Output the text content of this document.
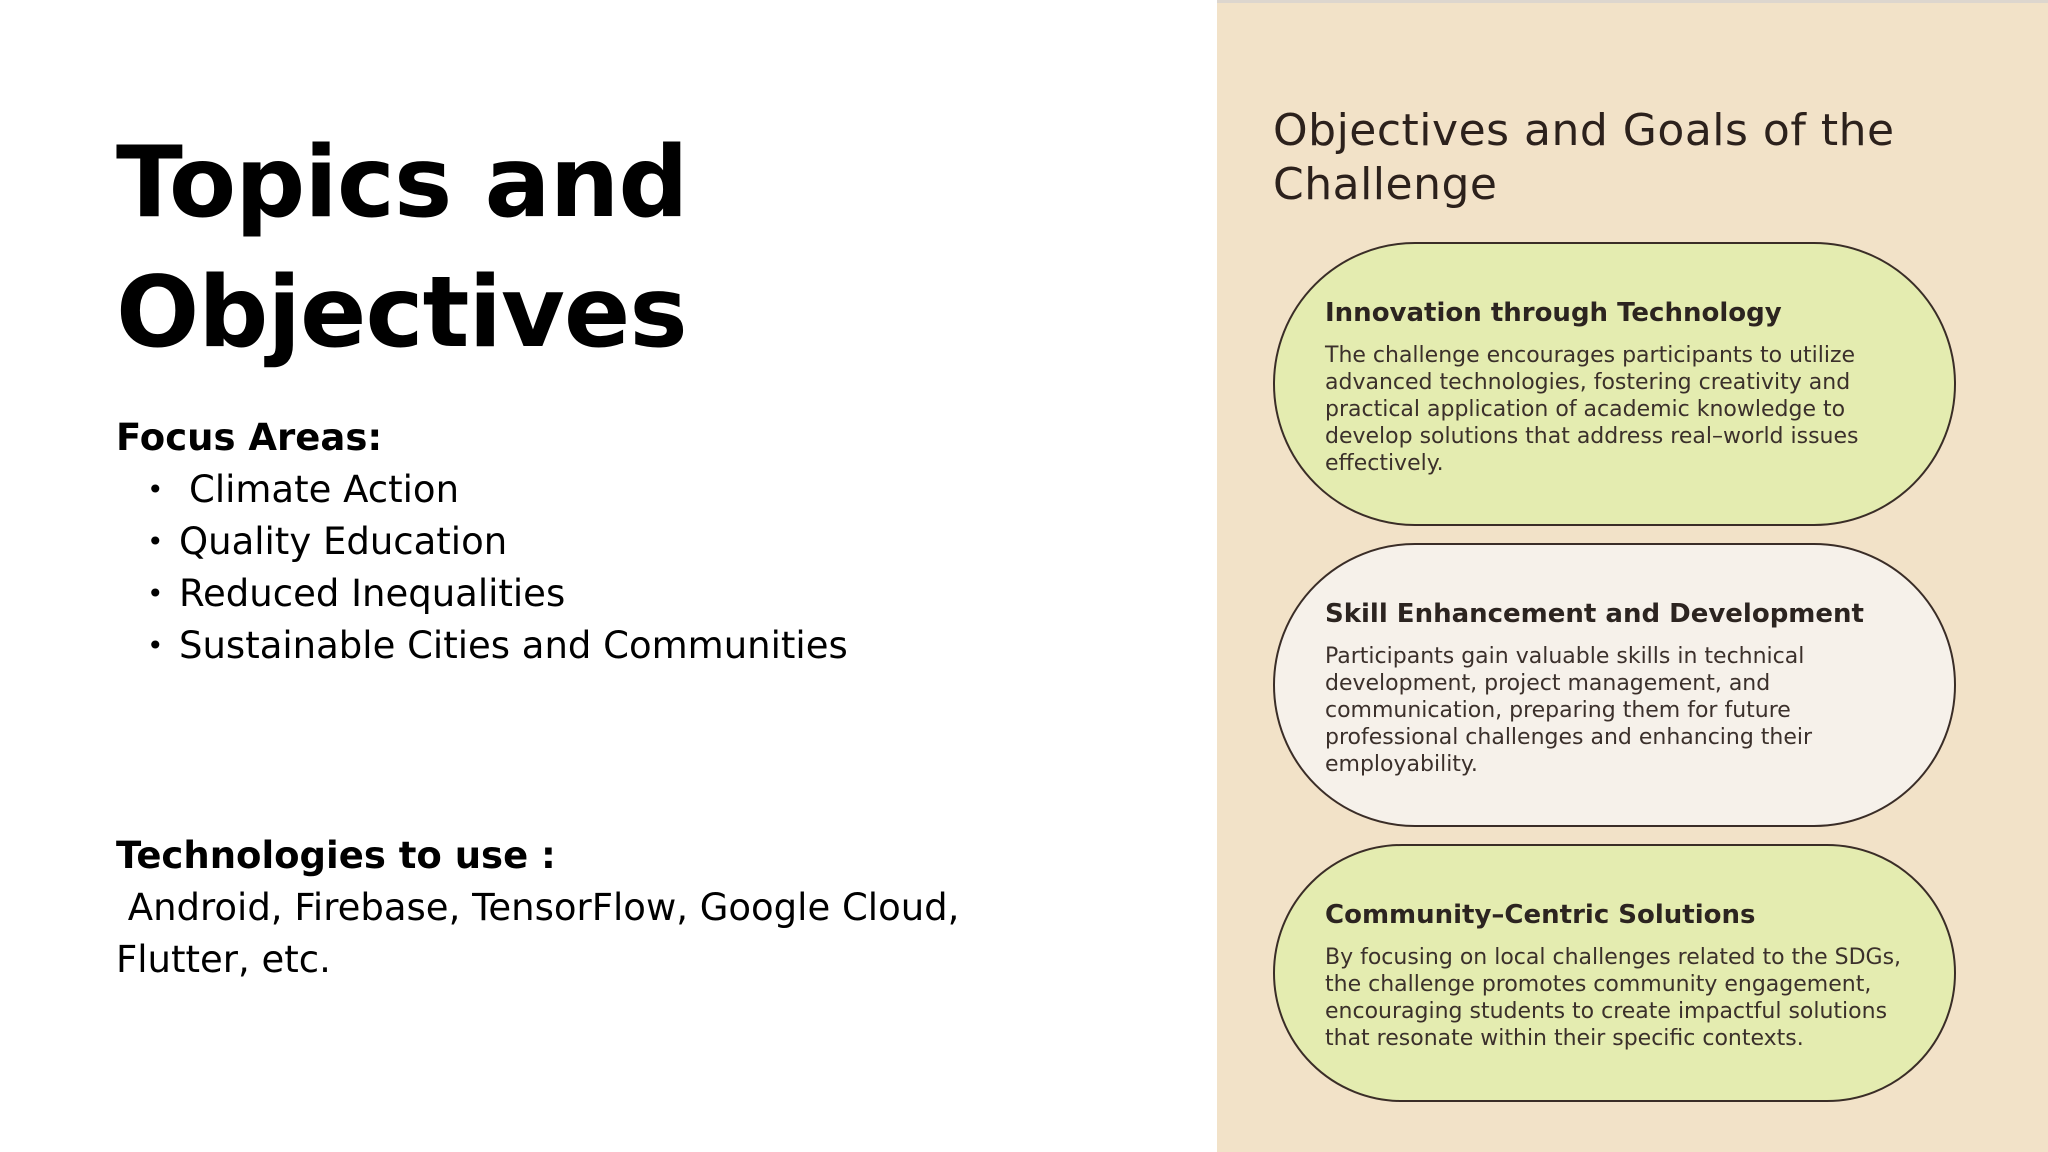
Topics and
Objectives
Focus Areas:
• Climate Action
• Quality Education
• Reduced Inequalities
• Sustainable Cities and Communities
Technologies to use :
Android, Firebase, TensorFlow, Google Cloud,
Flutter, etc.
Objectives and Goals of the
Challenge
Innovation through Technology
The challenge encourages participants to utilize
advanced technologies, fostering creativity and
practical application of academic knowledge to
develop solutions that address real–world issues
effectively.
Skill Enhancement and Development
Participants gain valuable skills in technical
development, project management, and
communication, preparing them for future
professional challenges and enhancing their
employability.
Community–Centric Solutions
By focusing on local challenges related to the SDGs,
the challenge promotes community engagement,
encouraging students to create impactful solutions
that resonate within their specific contexts.
